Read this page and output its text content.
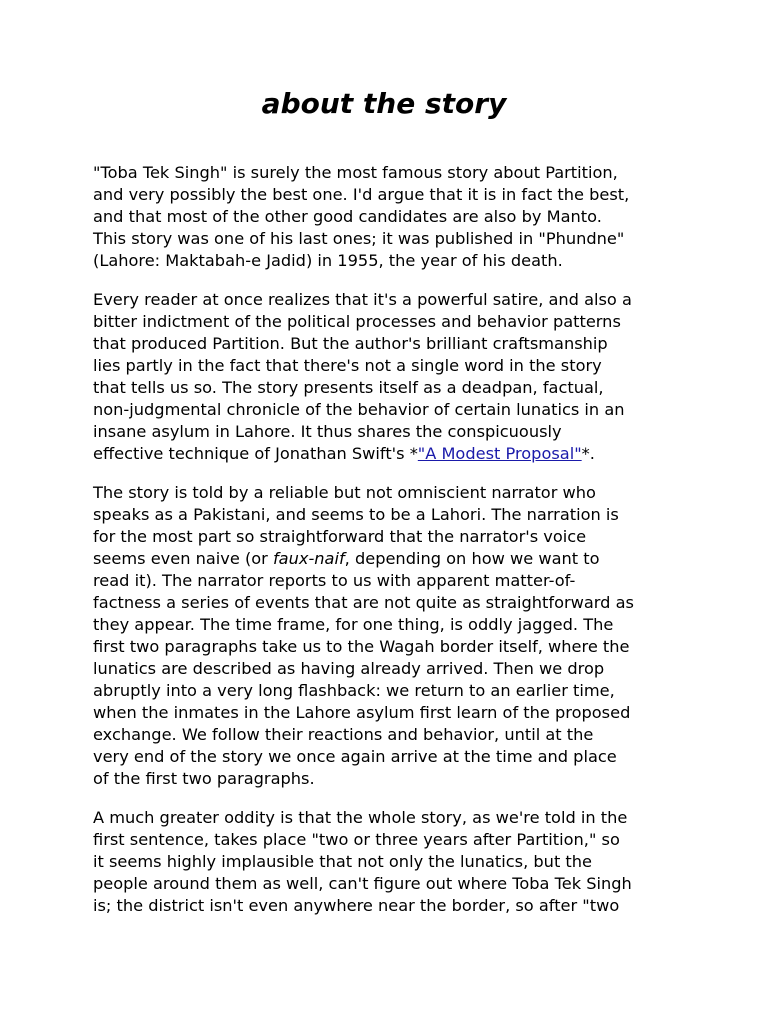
about the story

"Toba Tek Singh" is surely the most famous story about Partition,
and very possibly the best one. I'd argue that it is in fact the best,
and that most of the other good candidates are also by Manto.
This story was one of his last ones; it was published in "Phundne"
(Lahore: Maktabah-e Jadid) in 1955, the year of his death.

Every reader at once realizes that it's a powerful satire, and also a
bitter indictment of the political processes and behavior patterns
that produced Partition. But the author's brilliant craftsmanship
lies partly in the fact that there's not a single word in the story
that tells us so. The story presents itself as a deadpan, factual,
non-judgmental chronicle of the behavior of certain lunatics in an
insane asylum in Lahore. It thus shares the conspicuously
effective technique of Jonathan Swift's *"A Modest Proposal"*.

The story is told by a reliable but not omniscient narrator who
speaks as a Pakistani, and seems to be a Lahori. The narration is
for the most part so straightforward that the narrator's voice
seems even naive (or faux-naif, depending on how we want to
read it). The narrator reports to us with apparent matter-of-
factness a series of events that are not quite as straightforward as
they appear. The time frame, for one thing, is oddly jagged. The
first two paragraphs take us to the Wagah border itself, where the
lunatics are described as having already arrived. Then we drop
abruptly into a very long flashback: we return to an earlier time,
when the inmates in the Lahore asylum first learn of the proposed
exchange. We follow their reactions and behavior, until at the
very end of the story we once again arrive at the time and place
of the first two paragraphs.

A much greater oddity is that the whole story, as we're told in the
first sentence, takes place "two or three years after Partition," so
it seems highly implausible that not only the lunatics, but the
people around them as well, can't figure out where Toba Tek Singh
is; the district isn't even anywhere near the border, so after "two
